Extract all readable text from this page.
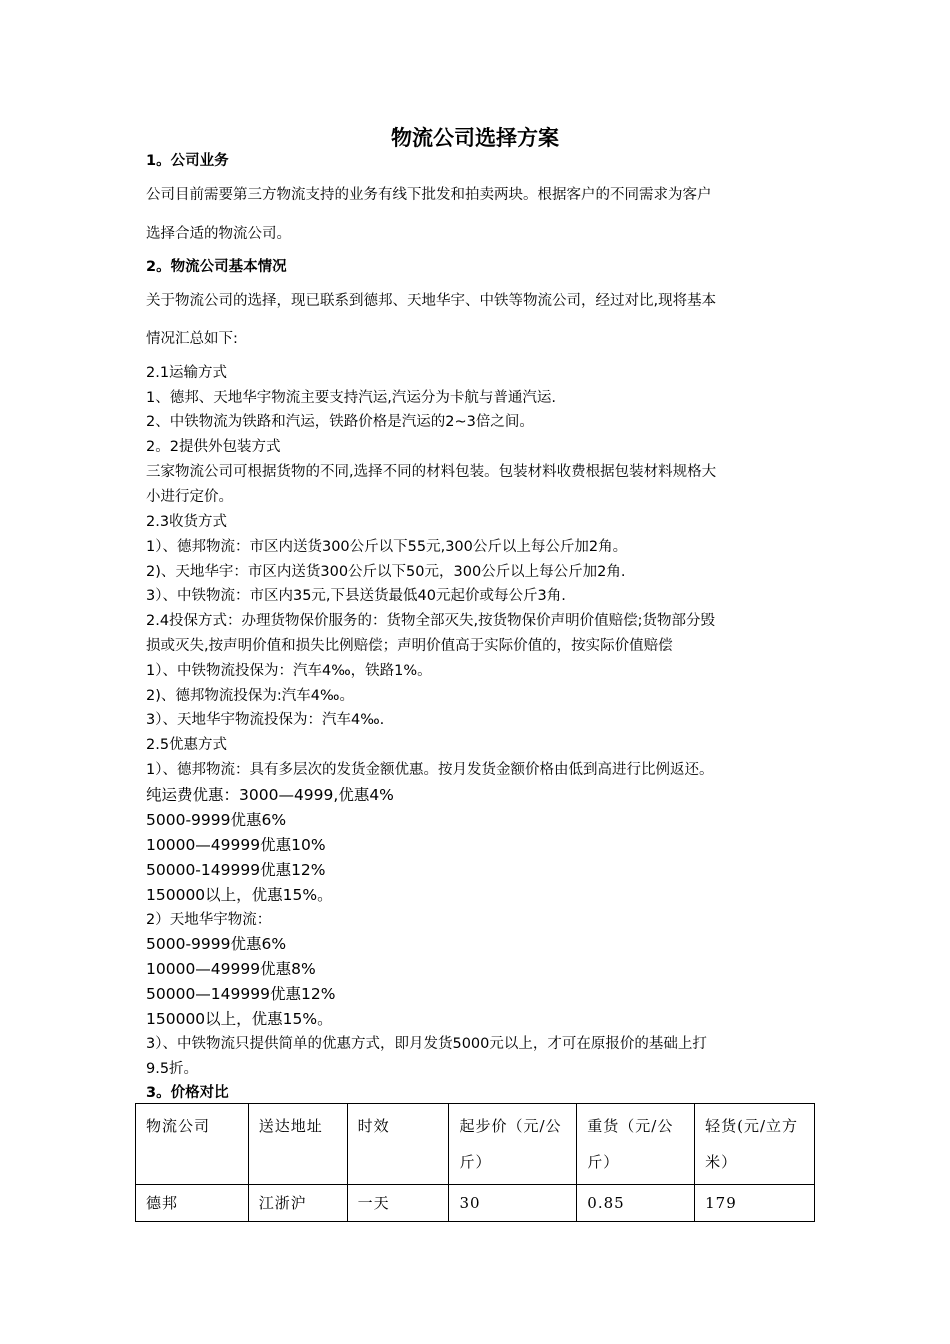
物流公司选择方案
1。公司业务
公司目前需要第三方物流支持的业务有线下批发和拍卖两块。根据客户的不同需求为客户
选择合适的物流公司。
2。物流公司基本情况
关于物流公司的选择，现已联系到德邦、天地华宇、中铁等物流公司，经过对比,现将基本
情况汇总如下:
2.1运输方式
1、德邦、天地华宇物流主要支持汽运,汽运分为卡航与普通汽运.
2、中铁物流为铁路和汽运，铁路价格是汽运的2~3倍之间。
2。2提供外包装方式
三家物流公司可根据货物的不同,选择不同的材料包装。包装材料收费根据包装材料规格大
小进行定价。
2.3收货方式
1）、德邦物流：市区内送货300公斤以下55元,300公斤以上每公斤加2角。
2)、天地华宇：市区内送货300公斤以下50元，300公斤以上每公斤加2角.
3）、中铁物流：市区内35元,下县送货最低40元起价或每公斤3角.
2.4投保方式：办理货物保价服务的：货物全部灭失,按货物保价声明价值赔偿;货物部分毁
损或灭失,按声明价值和损失比例赔偿；声明价值高于实际价值的，按实际价值赔偿
1）、中铁物流投保为：汽车4‰，铁路1%。
2)、德邦物流投保为:汽车4‰。
3）、天地华宇物流投保为：汽车4‰.
2.5优惠方式
1）、德邦物流：具有多层次的发货金额优惠。按月发货金额价格由低到高进行比例返还。
纯运费优惠：3000—4999,优惠4%
5000-9999优惠6%
10000—49999优惠10%
50000-149999优惠12%
150000以上，优惠15%。
2）天地华宇物流：
5000-9999优惠6%
10000—49999优惠8%
50000—149999优惠12%
150000以上，优惠15%。
3）、中铁物流只提供简单的优惠方式，即月发货5000元以上，才可在原报价的基础上打
9.5折。
3。价格对比
物流公司	送达地址	时效	起步价（元/公斤）	重货（元/公斤）	轻货(元/立方米）
德邦	江浙沪	一天	30	0.85	179
